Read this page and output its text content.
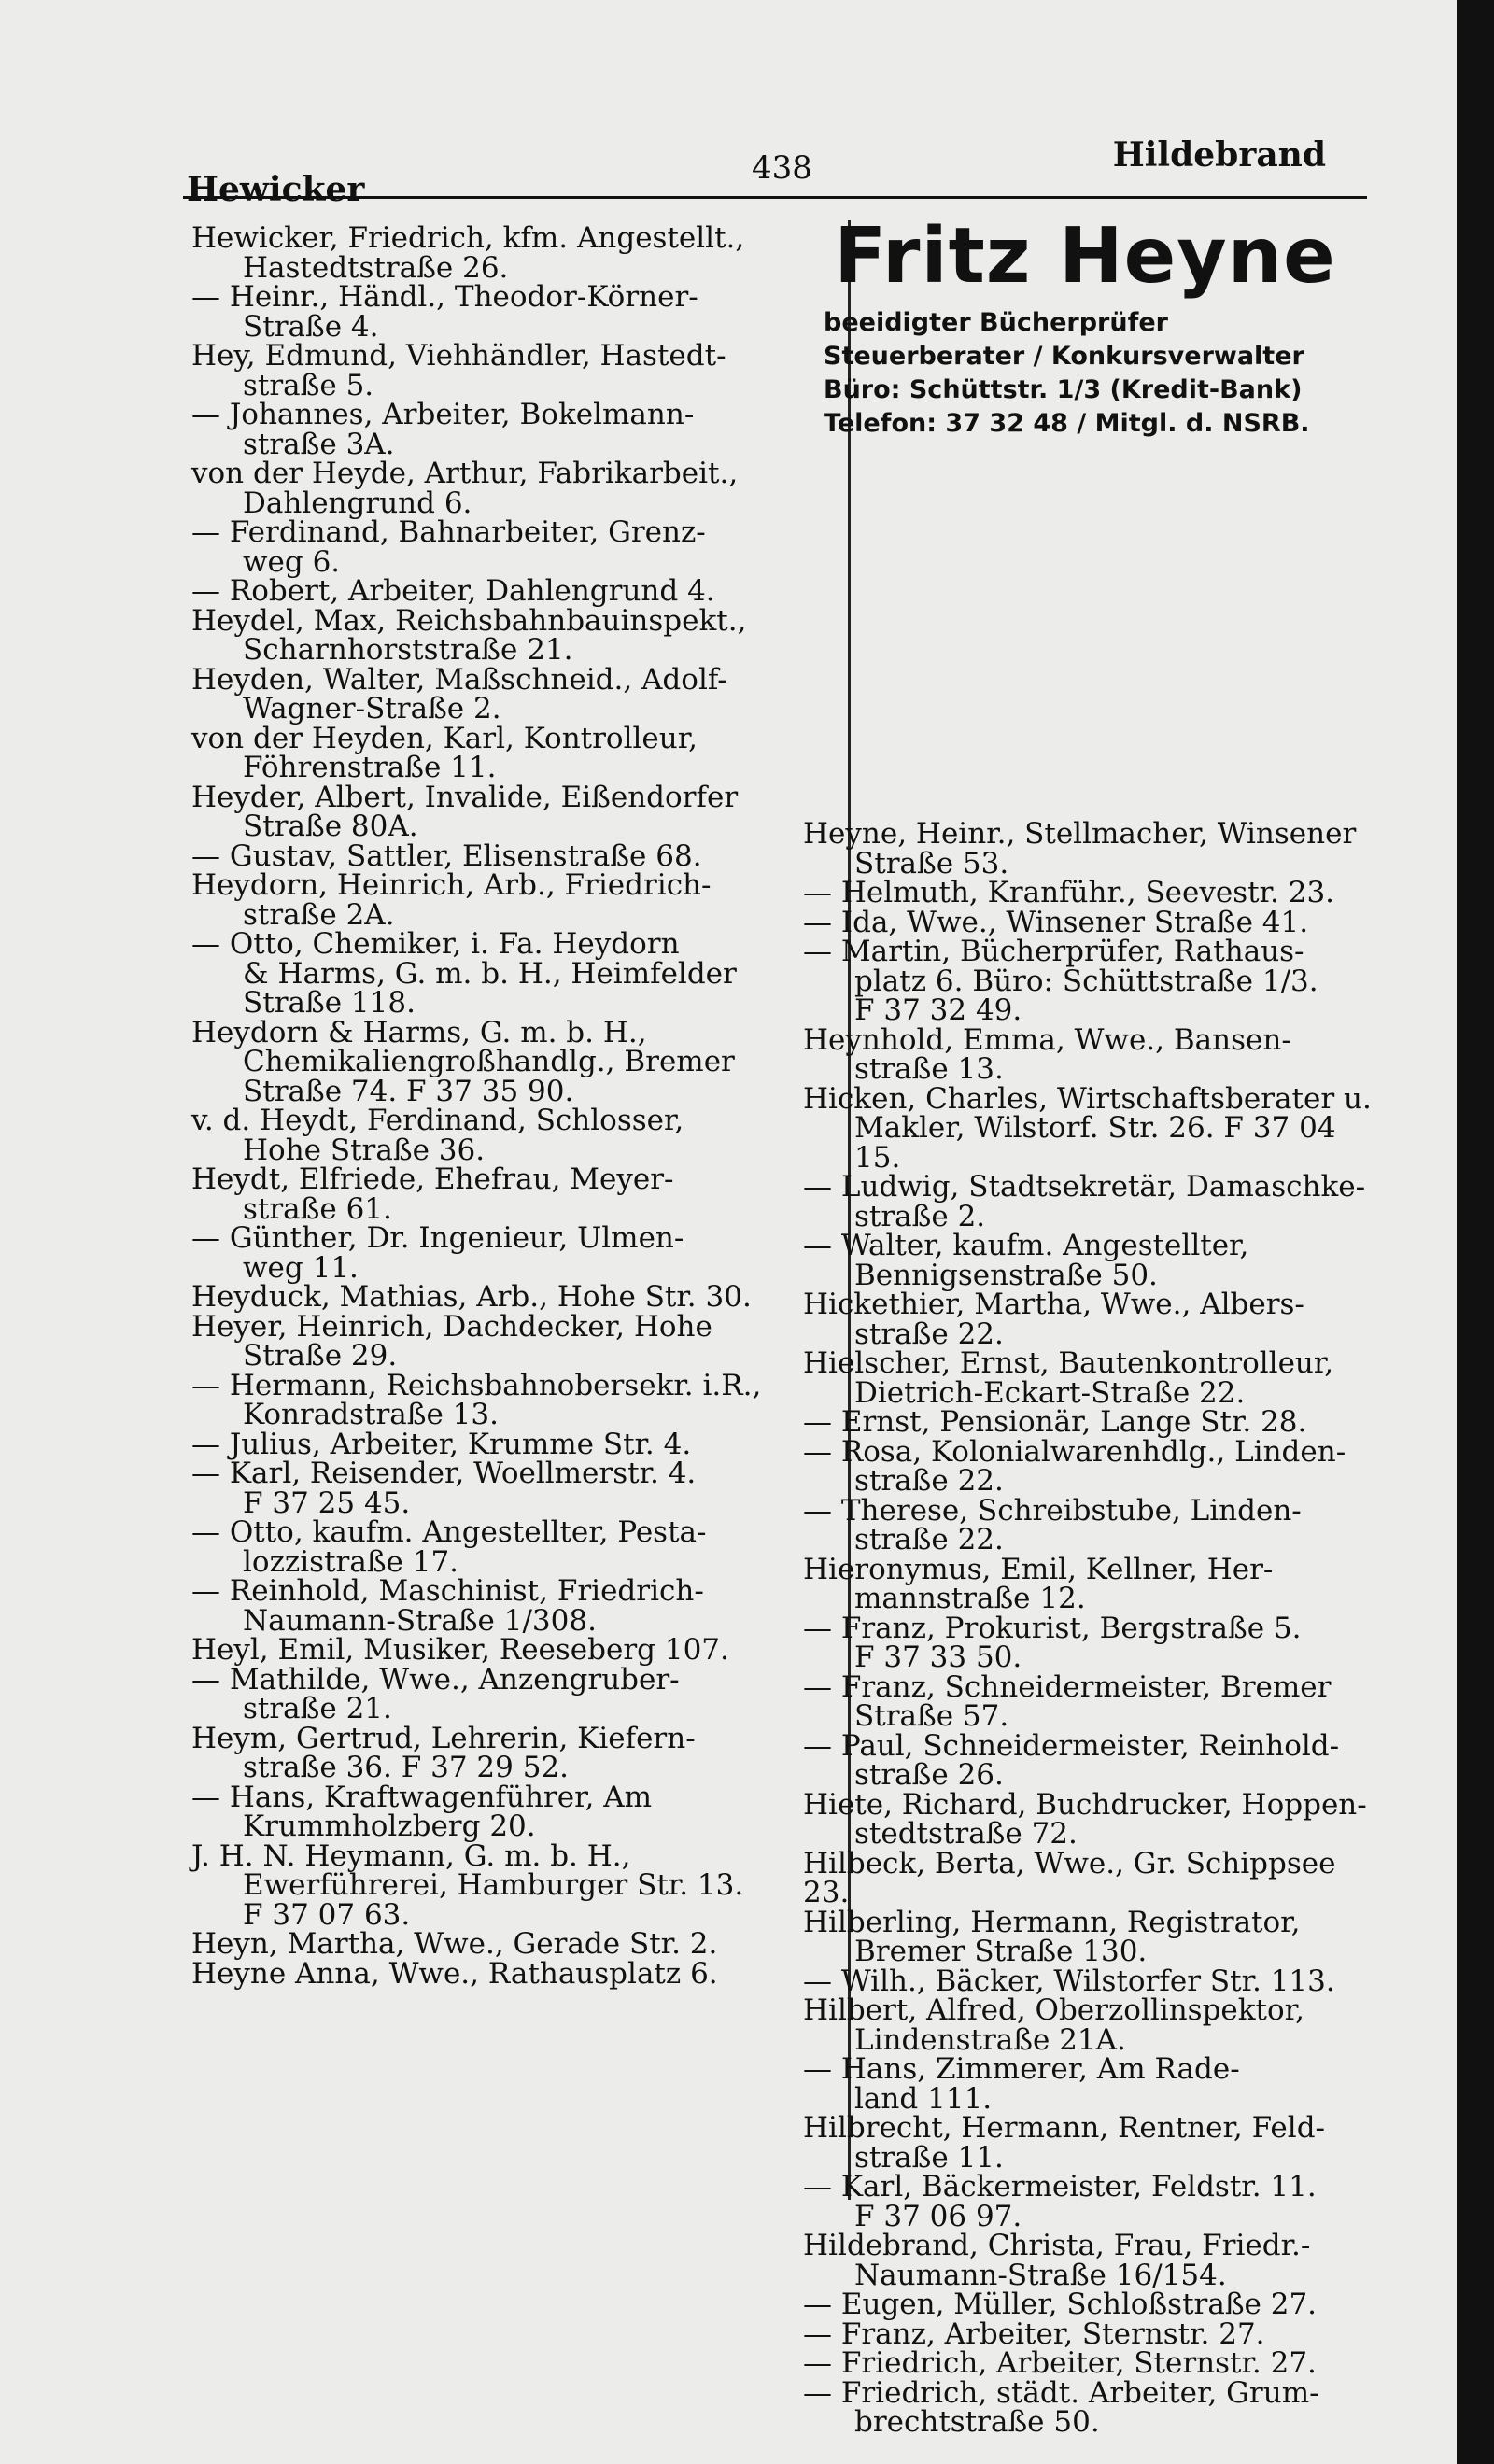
Hewicker
438	Hildebrand
Hewicker, Friedrich, kfm. Angestellt.,
Hastedtstraße 26.
— Heinr., Händl., Theodor-Körner-
Straße 4.
Hey, Edmund, Viehhändler, Hastedt-
straße 5.
— Johannes, Arbeiter, Bokelmann-
straße 3A.
von der Heyde, Arthur, Fabrikarbeit.,
Dahlengrund 6.
— Ferdinand, Bahnarbeiter, Grenz-
weg 6.
— Robert, Arbeiter, Dahlengrund 4.
Heydel, Max, Reichsbahnbauinspekt.,
Scharnhorststraße 21.
Heyden, Walter, Maßschneid., Adolf-
Wagner-Straße 2.
von der Heyden, Karl, Kontrolleur,
Föhrenstraße 11.
Heyder, Albert, Invalide, Eißendorfer
Straße 80A.
— Gustav, Sattler, Elisenstraße 68.
Heydorn, Heinrich, Arb., Friedrich-
straße 2A.
— Otto, Chemiker, i. Fa. Heydorn
& Harms, G. m. b. H., Heimfelder
Straße 118.
Heydorn & Harms, G. m. b. H.,
Chemikaliengroßhandlg., Bremer
Straße 74. F 37 35 90.
v. d. Heydt, Ferdinand, Schlosser,
Hohe Straße 36.
Heydt, Elfriede, Ehefrau, Meyer-
straße 61.
— Günther, Dr. Ingenieur, Ulmen-
weg 11.
Heyduck, Mathias, Arb., Hohe Str. 30.
Heyer, Heinrich, Dachdecker, Hohe
Straße 29.
— Hermann, Reichsbahnobersekr. i.R.,
Konradstraße 13.
— Julius, Arbeiter, Krumme Str. 4.
— Karl, Reisender, Woellmerstr. 4.
F 37 25 45.
— Otto, kaufm. Angestellter, Pesta-
lozzistraße 17.
— Reinhold, Maschinist, Friedrich-
Naumann-Straße 1/308.
Heyl, Emil, Musiker, Reeseberg 107.
— Mathilde, Wwe., Anzengruber-
straße 21.
Heym, Gertrud, Lehrerin, Kiefern-
straße 36. F 37 29 52.
— Hans, Kraftwagenführer, Am
Krummholzberg 20.
J. H. N. Heymann, G. m. b. H.,
Ewerführerei, Hamburger Str. 13.
F 37 07 63.
Heyn, Martha, Wwe., Gerade Str. 2.
Heyne Anna, Wwe., Rathausplatz 6.
Fritz Heyne
beeidigter Bücherprüfer
Steuerberater / Konkursverwalter
Büro: Schüttstr. 1/3 (Kredit-Bank)
Telefon: 37 32 48 / Mitgl. d. NSRB.
Heyne, Heinr., Stellmacher, Winsener
Straße 53.
— Helmuth, Kranführ., Seevestr. 23.
— Ida, Wwe., Winsener Straße 41.
— Martin, Bücherprüfer, Rathaus-
platz 6. Büro: Schüttstraße 1/3.
F 37 32 49.
Heynhold, Emma, Wwe., Bansen-
straße 13.
Hicken, Charles, Wirtschaftsberater u.
Makler, Wilstorf. Str. 26. F 37 04 15.
— Ludwig, Stadtsekretär, Damaschke-
straße 2.
— Walter, kaufm. Angestellter,
Bennigsenstraße 50.
Hickethier, Martha, Wwe., Albers-
straße 22.
Hielscher, Ernst, Bautenkontrolleur,
Dietrich-Eckart-Straße 22.
— Ernst, Pensionär, Lange Str. 28.
— Rosa, Kolonialwarenhdlg., Linden-
straße 22.
— Therese, Schreibstube, Linden-
straße 22.
Hieronymus, Emil, Kellner, Her-
mannstraße 12.
— Franz, Prokurist, Bergstraße 5.
F 37 33 50.
— Franz, Schneidermeister, Bremer
Straße 57.
— Paul, Schneidermeister, Reinhold-
straße 26.
Hiete, Richard, Buchdrucker, Hoppen-
stedtstraße 72.
Hilbeck, Berta, Wwe., Gr. Schippsee 23.
Hilberling, Hermann, Registrator,
Bremer Straße 130.
— Wilh., Bäcker, Wilstorfer Str. 113.
Hilbert, Alfred, Oberzollinspektor,
Lindenstraße 21A.
— Hans, Zimmerer, Am Rade-
land 111.
Hilbrecht, Hermann, Rentner, Feld-
straße 11.
— Karl, Bäckermeister, Feldstr. 11.
F 37 06 97.
Hildebrand, Christa, Frau, Friedr.-
Naumann-Straße 16/154.
— Eugen, Müller, Schloßstraße 27.
— Franz, Arbeiter, Sternstr. 27.
— Friedrich, Arbeiter, Sternstr. 27.
— Friedrich, städt. Arbeiter, Grum-
brechtstraße 50.
